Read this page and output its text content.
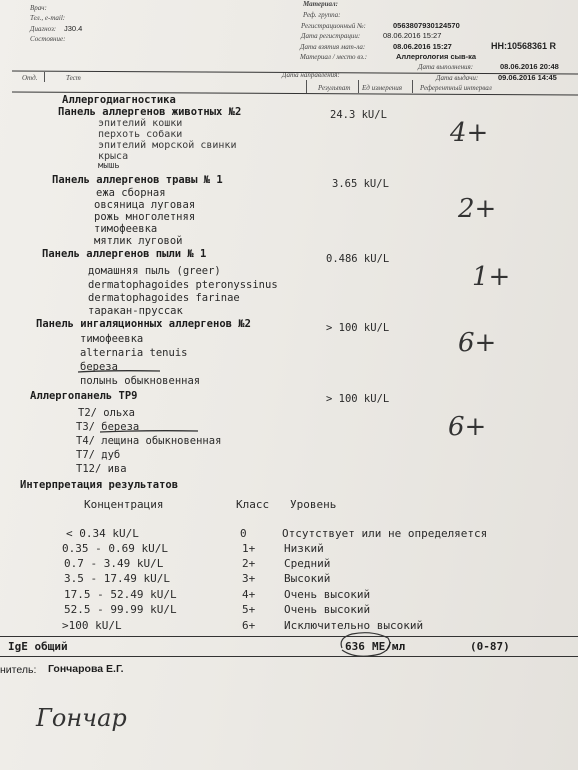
Врач:
Тел., e-mail:
Диагноз: J30.4
Состояние:
Материал:
Реф. группа:
Регистрационный №:	0563807930124570
Дата регистрации:	08.06.2016 15:27
Дата взятия мат-ла:	08.06.2016 15:27	НН:10568361 R
Материал / место вз.:	Аллергология сыв-ка
Дата выполнения:	08.06.2016 20:48
Дата выдачи:	09.06.2016 14:45
Дата направления:
Отд.	Тест
Результат Ед измерения	Референтный интервал
Аллергодиагностика
Панель аллергенов животных №2	24.3 kU/L
эпителий кошки
перхоть собаки
эпителий морской свинки
крыса
мышь
4+
Панель аллергенов травы № 1	3.65 kU/L
ежа сборная
овсяница луговая
рожь многолетняя
тимофеевка
мятлик луговой
2+
Панель аллергенов пыли № 1	0.486 kU/L
домашняя пыль (greer)
dermatophagoides pteronyssinus
dermatophagoides farinae
таракан-пруссак
1+
Панель ингаляционных аллергенов №2	> 100 kU/L
тимофеевка
alternaria tenuis
береза
полынь обыкновенная
6+
Аллергопанель ТР9	> 100 kU/L
Т2/ ольха
Т3/ береза
Т4/ лещина обыкновенная
Т7/ дуб
Т12/ ива
6+
Интерпретация результатов
Концентрация	Класс Уровень
< 0.34 kU/L	0	Отсутствует или не определяется
0.35 - 0.69 kU/L	1+	Низкий
0.7 - 3.49 kU/L	2+	Средний
3.5 - 17.49 kU/L	3+	Высокий
17.5 - 52.49 kU/L	4+	Очень высокий
52.5 - 99.99 kU/L	5+	Очень высокий
>100 kU/L	6+	Исключительно высокий
IgE общий	636 МЕ/мл	(0-87)
нитель: Гончарова Е.Г.
Гончар
